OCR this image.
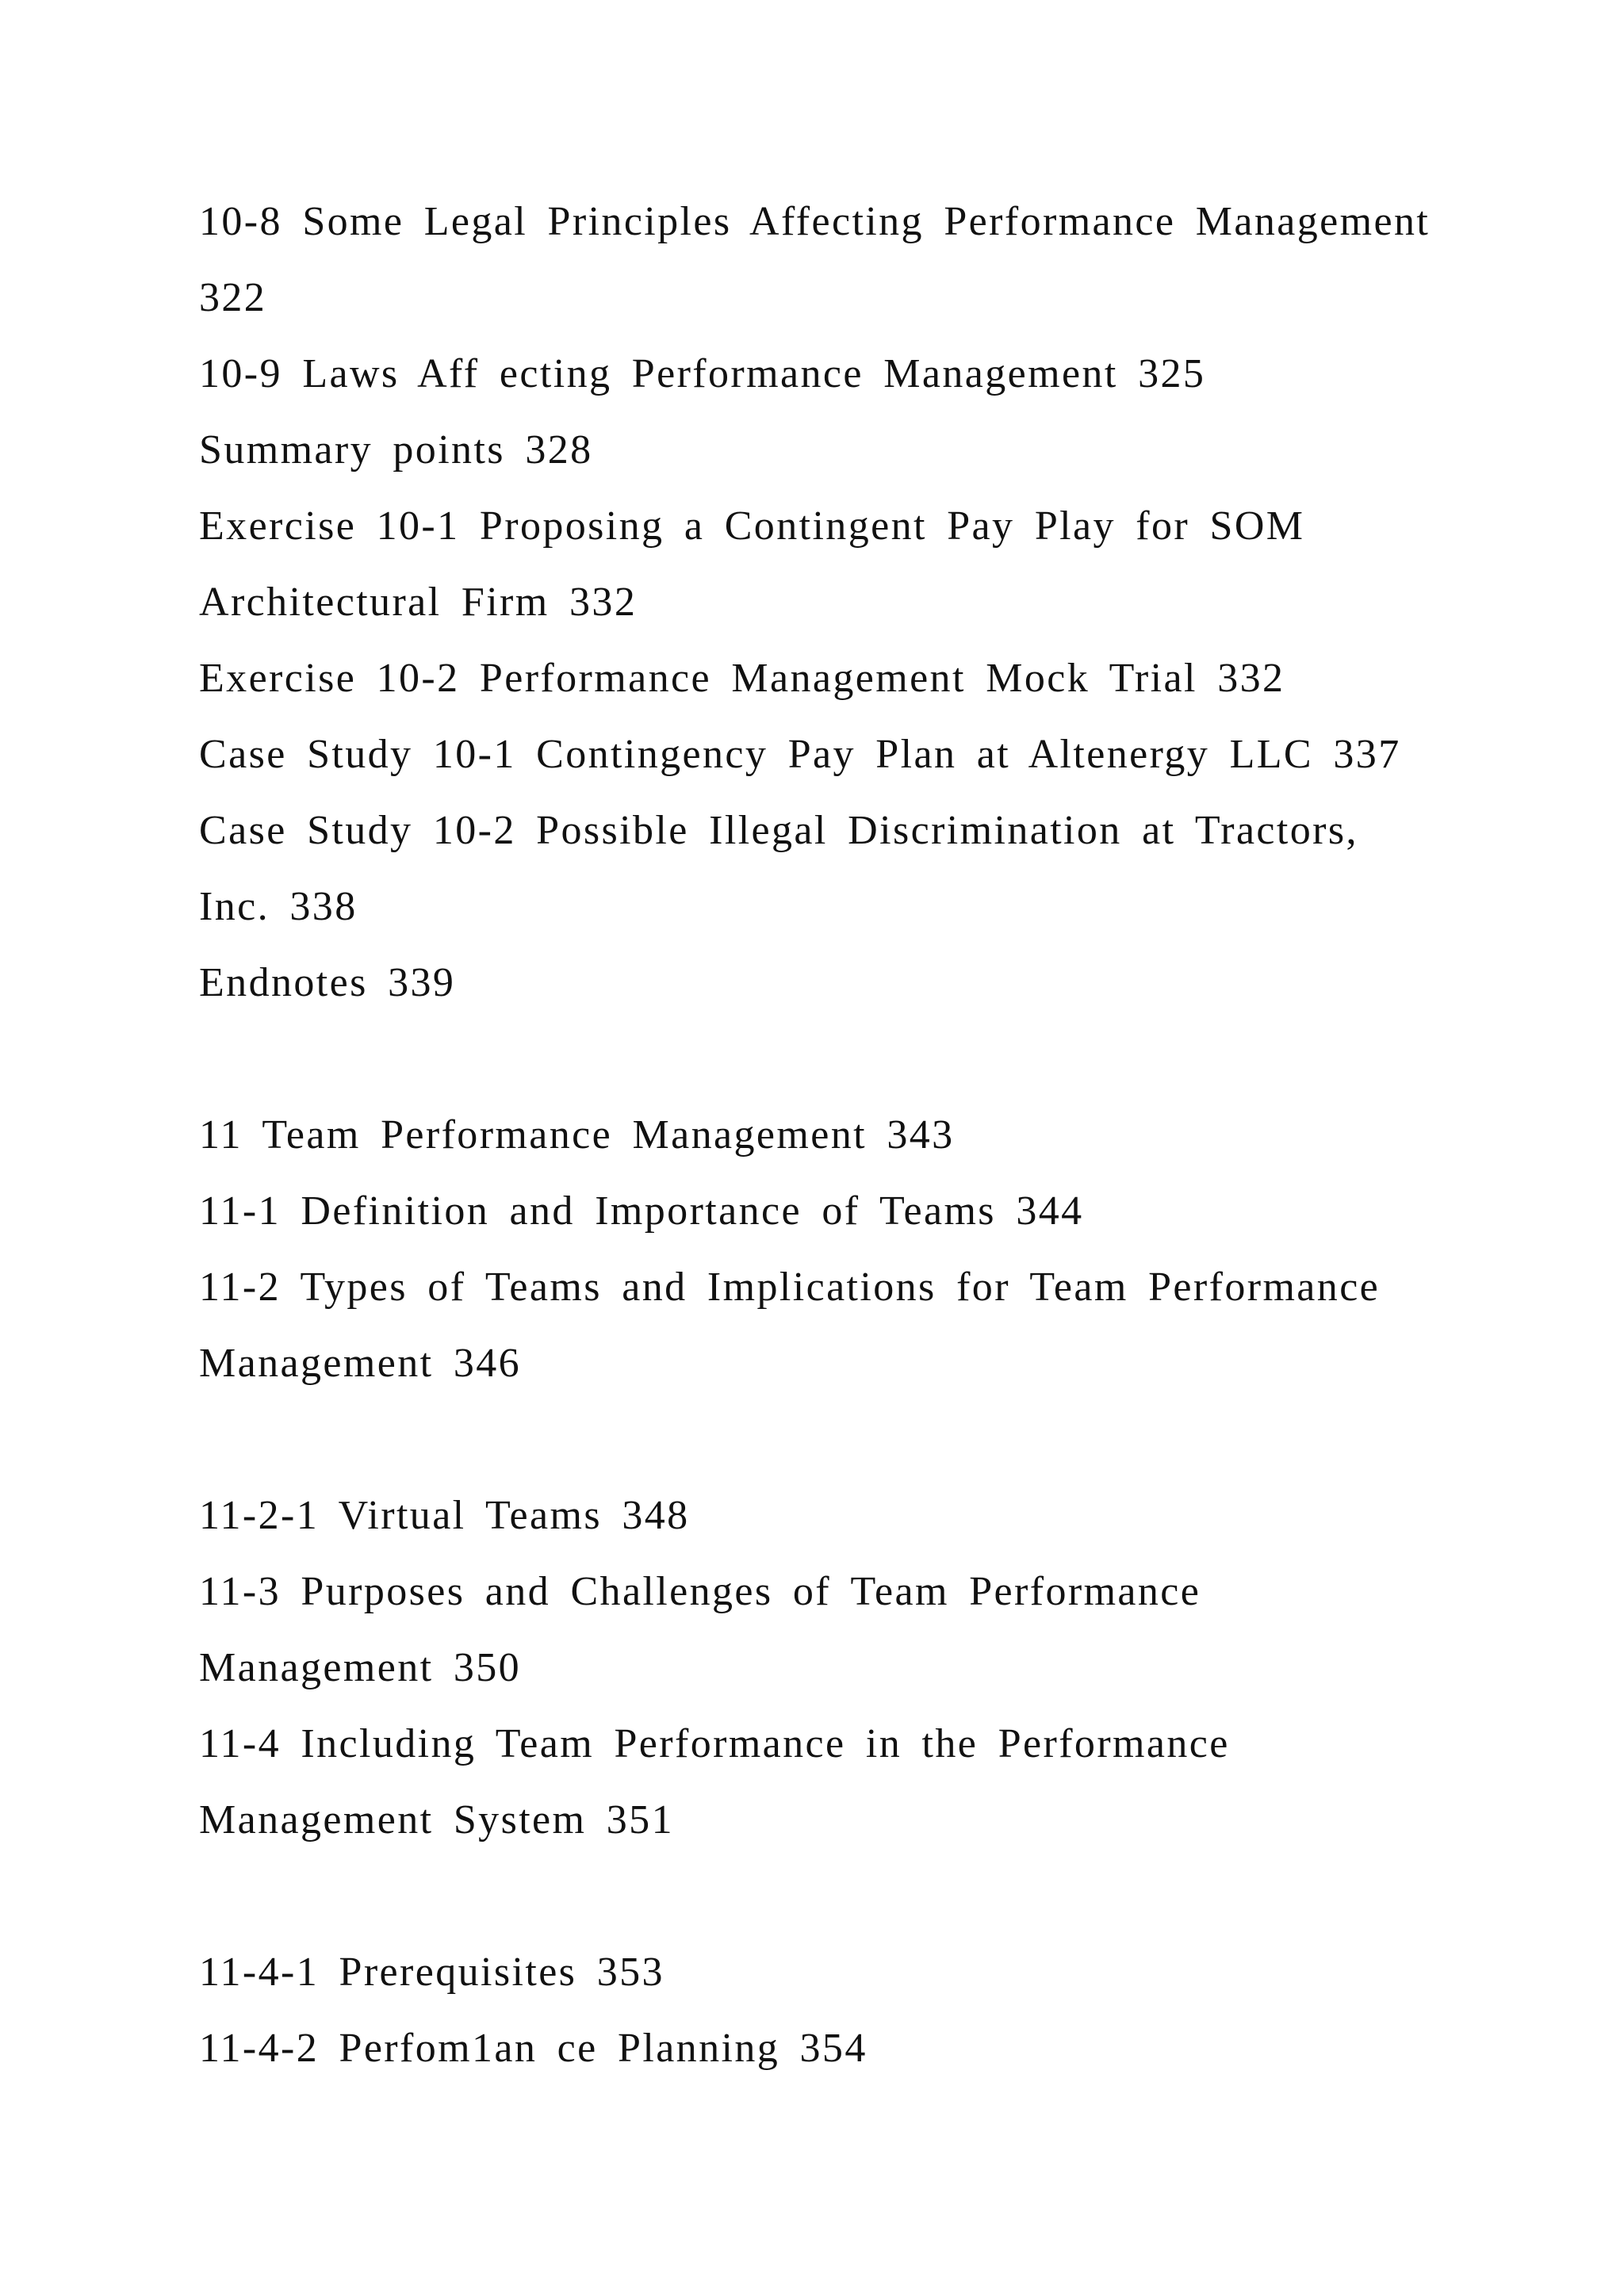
10-8 Some Legal Principles Affecting Performance Management

322

10-9 Laws Aff ecting Performance Management 325

Summary points 328

Exercise 10-1 Proposing a Contingent Pay Play for SOM

Architectural Firm 332

Exercise 10-2 Performance Management Mock Trial 332

Case Study 10-1 Contingency Pay Plan at Altenergy LLC 337

Case Study 10-2 Possible Illegal Discrimination at Tractors,

Inc. 338

Endnotes 339

11 Team Performance Management 343

11-1 Definition and Importance of Teams 344

11-2 Types of Teams and Implications for Team Performance

Management 346

11-2-1 Virtual Teams 348

11-3 Purposes and Challenges of Team Performance

Management 350

11-4 Including Team Performance in the Performance

Management System 351

11-4-1 Prerequisites 353

11-4-2 Perfom1an ce Planning 354
